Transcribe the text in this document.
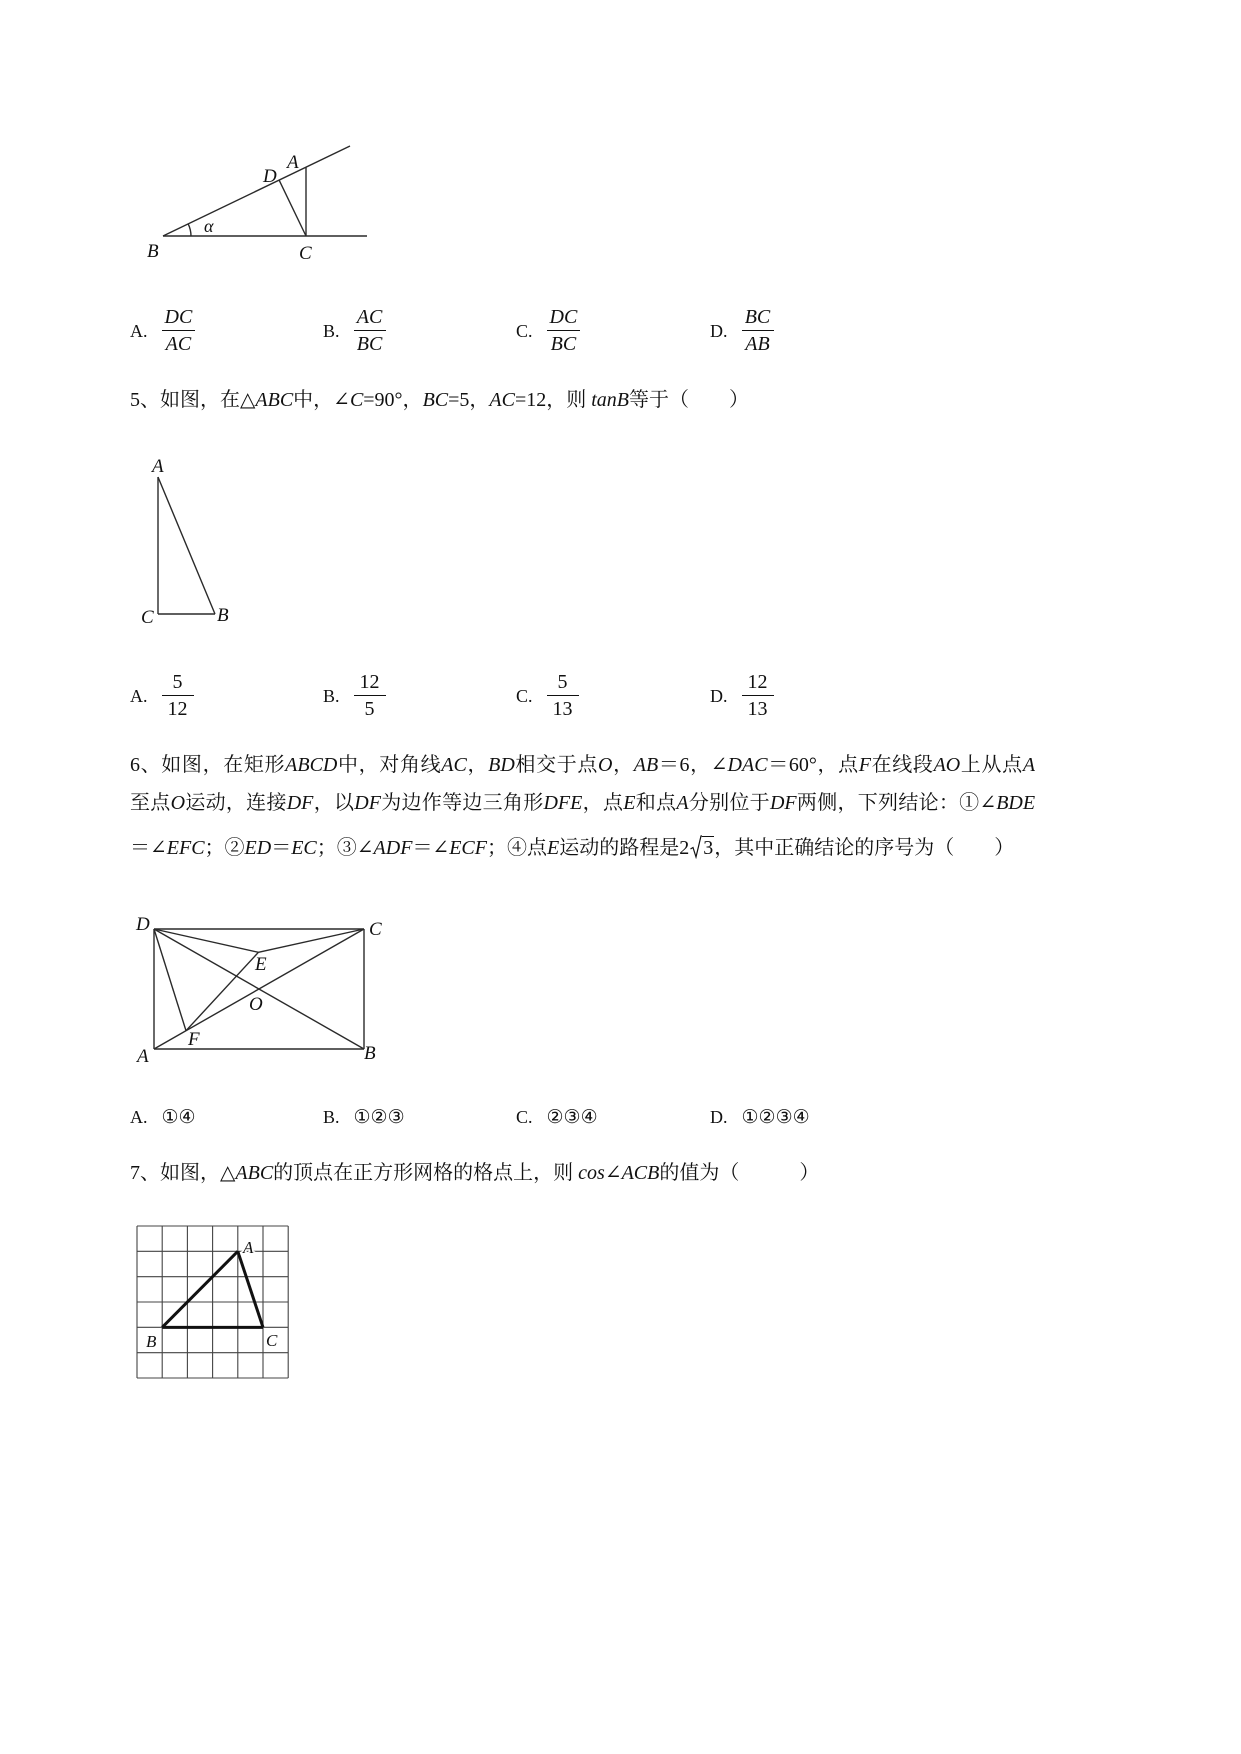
D
A
B	C
α
A. $\frac{DC}{AC}$	B. $\frac{AC}{BC}$	C. $\frac{DC}{BC}$	D. $\frac{BC}{AB}$
5、如图，在△ABC中，∠C=90°，BC=5，AC=12，则 tanB等于（　　）
A
C	B
A. $\frac{5}{12}$	B. $\frac{12}{5}$	C. $\frac{5}{13}$	D. $\frac{12}{13}$
6、如图，在矩形ABCD中，对角线AC，BD相交于点O，AB＝6，∠DAC＝60°，点F在线段AO上从点A
至点O运动，连接DF，以DF为边作等边三角形DFE，点E和点A分别位于DF两侧，下列结论：①∠BDE
＝∠EFC；②ED＝EC；③∠ADF＝∠ECF；④点E运动的路程是2 3，其中正确结论的序号为（　　）
D	C
E
O
F
A	B
A. ①④	B. ①②③	C. ②③④	D. ①②③④
7、如图，△ABC的顶点在正方形网格的格点上，则 cos∠ACB的值为（　　　）
A
B	C
